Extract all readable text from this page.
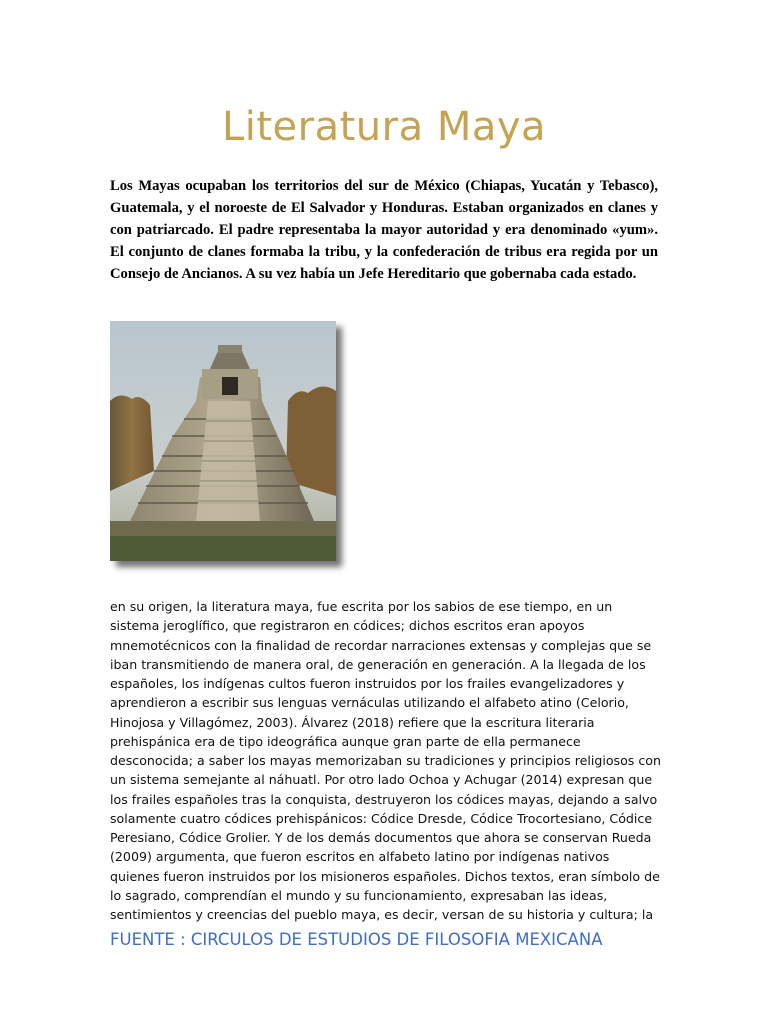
Literatura Maya

Los Mayas ocupaban los territorios del sur de México (Chiapas, Yucatán y Tebasco), Guatemala, y el noroeste de El Salvador y Honduras. Estaban organizados en clanes y con patriarcado. El padre representaba la mayor autoridad y era denominado «yum». El conjunto de clanes formaba la tribu, y la confederación de tribus era regida por un Consejo de Ancianos. A su vez había un Jefe Hereditario que gobernaba cada estado.

en su origen, la literatura maya, fue escrita por los sabios de ese tiempo, en un sistema jeroglífico, que registraron en códices; dichos escritos eran apoyos mnemotécnicos con la finalidad de recordar narraciones extensas y complejas que se iban transmitiendo de manera oral, de generación en generación. A la llegada de los españoles, los indígenas cultos fueron instruidos por los frailes evangelizadores y aprendieron a escribir sus lenguas vernáculas utilizando el alfabeto atino (Celorio, Hinojosa y Villagómez, 2003). Álvarez (2018) refiere que la escritura literaria prehispánica era de tipo ideográfica aunque gran parte de ella permanece desconocida; a saber los mayas memorizaban su tradiciones y principios religiosos con un sistema semejante al náhuatl. Por otro lado Ochoa y Achugar (2014) expresan que los frailes españoles tras la conquista, destruyeron los códices mayas, dejando a salvo solamente cuatro códices prehispánicos: Códice Dresde, Códice Trocortesiano, Códice Peresiano, Códice Grolier. Y de los demás documentos que ahora se conservan Rueda (2009) argumenta, que fueron escritos en alfabeto latino por indígenas nativos quienes fueron instruidos por los misioneros españoles. Dichos textos, eran símbolo de lo sagrado, comprendían el mundo y su funcionamiento, expresaban las ideas, sentimientos y creencias del pueblo maya, es decir, versan de su historia y cultura; la

FUENTE : CIRCULOS DE ESTUDIOS DE FILOSOFIA MEXICANA
